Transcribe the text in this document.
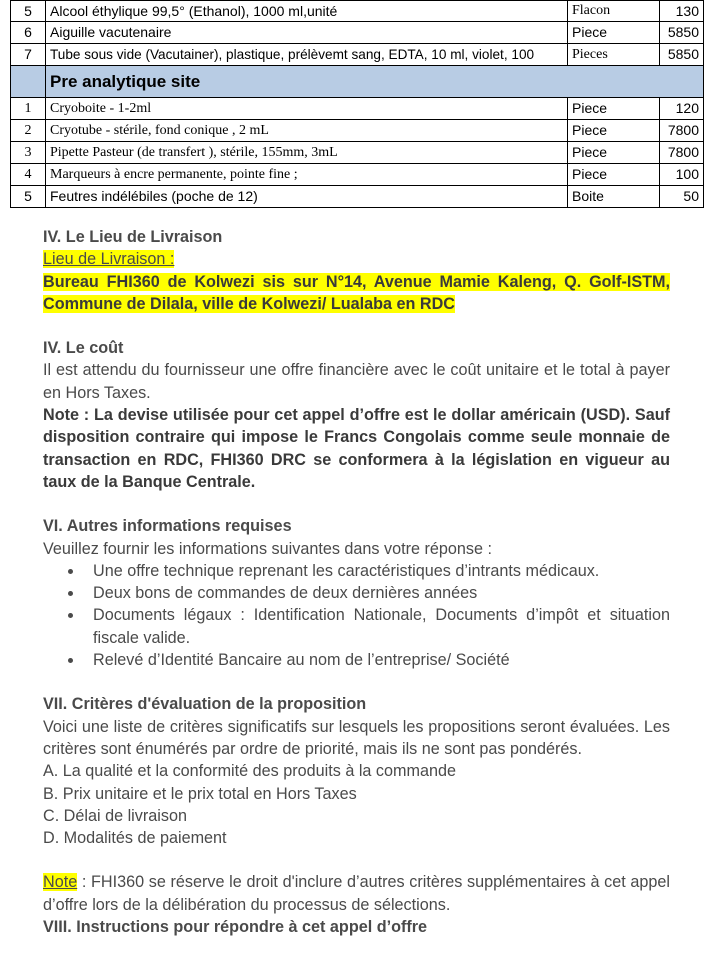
5	Alcool éthylique 99,5° (Ethanol), 1000 ml,unité	Flacon	130
6	Aiguille vacutenaire	Piece	5850
7	Tube sous vide (Vacutainer), plastique, prélèvemt sang, EDTA, 10 ml, violet, 100	Pieces	5850
	Pre analytique site		
1	Cryoboite - 1-2ml	Piece	120
2	Cryotube - stérile, fond conique , 2 mL	Piece	7800
3	Pipette Pasteur (de transfert ), stérile, 155mm, 3mL	Piece	7800
4	Marqueurs à encre permanente, pointe fine ;	Piece	100
5	Feutres indélébiles (poche de 12)	Boite	50

IV. Le Lieu de Livraison

Lieu de Livraison :

Bureau FHI360 de Kolwezi sis sur N°14, Avenue Mamie Kaleng, Q. Golf-ISTM, Commune de Dilala, ville de Kolwezi/ Lualaba en RDC

IV. Le coût

Il est attendu du fournisseur une offre financière avec le coût unitaire et le total à payer en Hors Taxes.

Note : La devise utilisée pour cet appel d’offre est le dollar américain (USD). Sauf disposition contraire qui impose le Francs Congolais comme seule monnaie de transaction en RDC, FHI360 DRC se conformera à la législation en vigueur au taux de la Banque Centrale.

VI. Autres informations requises

Veuillez fournir les informations suivantes dans votre réponse :

Une offre technique reprenant les caractéristiques d’intrants médicaux.
Deux bons de commandes de deux dernières années
Documents légaux : Identification Nationale, Documents d’impôt et situation fiscale valide.
Relevé d’Identité Bancaire au nom de l’entreprise/ Société

VII. Critères d'évaluation de la proposition

Voici une liste de critères significatifs sur lesquels les propositions seront évaluées. Les critères sont énumérés par ordre de priorité, mais ils ne sont pas pondérés.

A. La qualité et la conformité des produits à la commande

B. Prix unitaire et le prix total en Hors Taxes

C. Délai de livraison

D. Modalités de paiement

Note : FHI360 se réserve le droit d'inclure d’autres critères supplémentaires à cet appel d’offre lors de la délibération du processus de sélections.

VIII. Instructions pour répondre à cet appel d’offre
